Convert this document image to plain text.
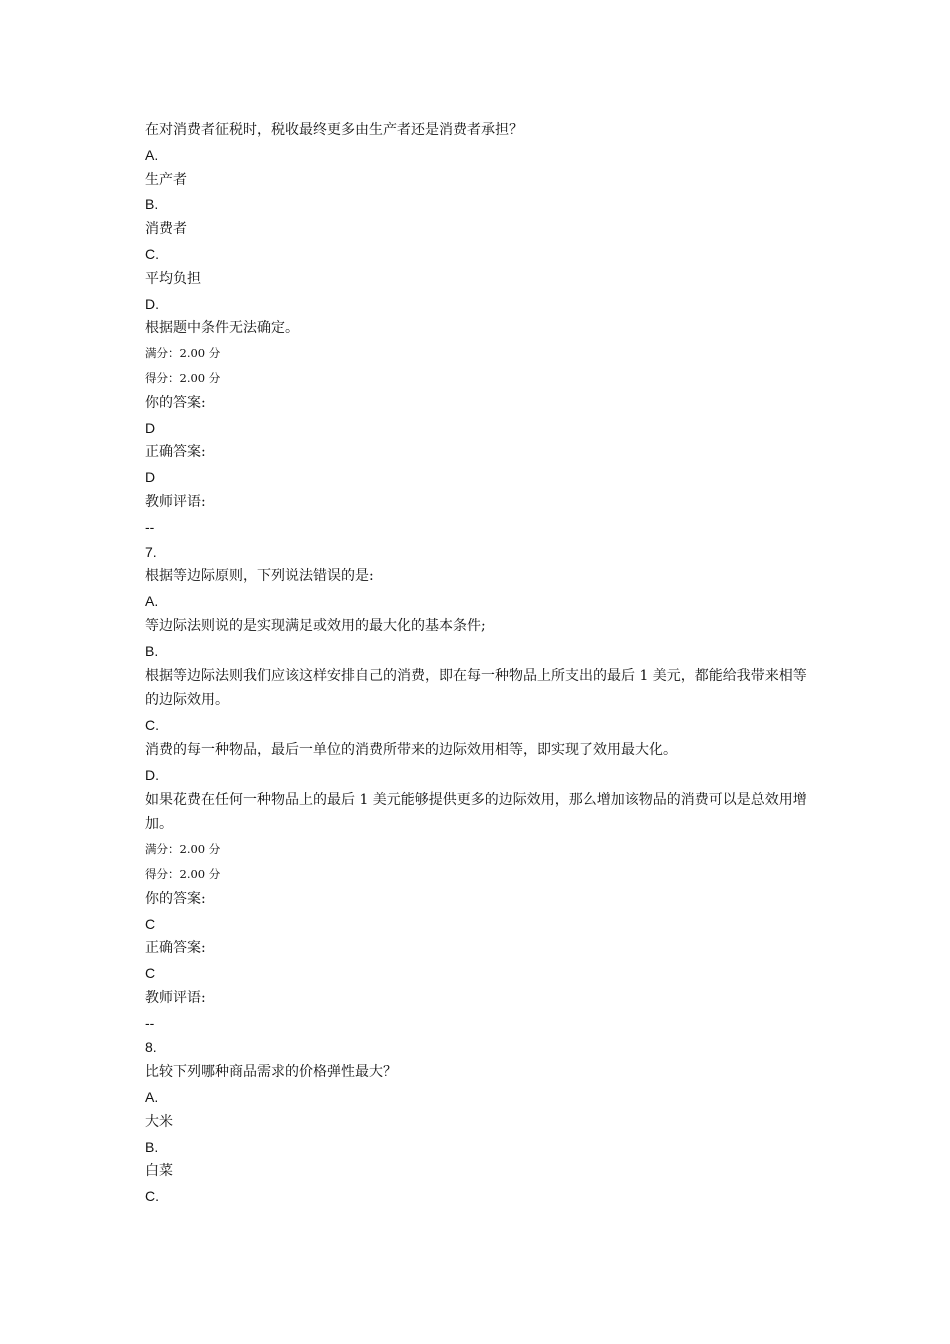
在对消费者征税时，税收最终更多由生产者还是消费者承担？
A.
生产者
B.
消费者
C.
平均负担
D.
根据题中条件无法确定。
满分：2.00 分
得分：2.00 分
你的答案:
D
正确答案:
D
教师评语:
--
7.
根据等边际原则，下列说法错误的是:
A.
等边际法则说的是实现满足或效用的最大化的基本条件;
B.
根据等边际法则我们应该这样安排自己的消费，即在每一种物品上所支出的最后 1 美元，都能给我带来相等的边际效用。
C.
消费的每一种物品，最后一单位的消费所带来的边际效用相等，即实现了效用最大化。
D.
如果花费在任何一种物品上的最后 1 美元能够提供更多的边际效用，那么增加该物品的消费可以是总效用增加。
满分：2.00 分
得分：2.00 分
你的答案:
C
正确答案:
C
教师评语:
--
8.
比较下列哪种商品需求的价格弹性最大？
A.
大米
B.
白菜
C.
